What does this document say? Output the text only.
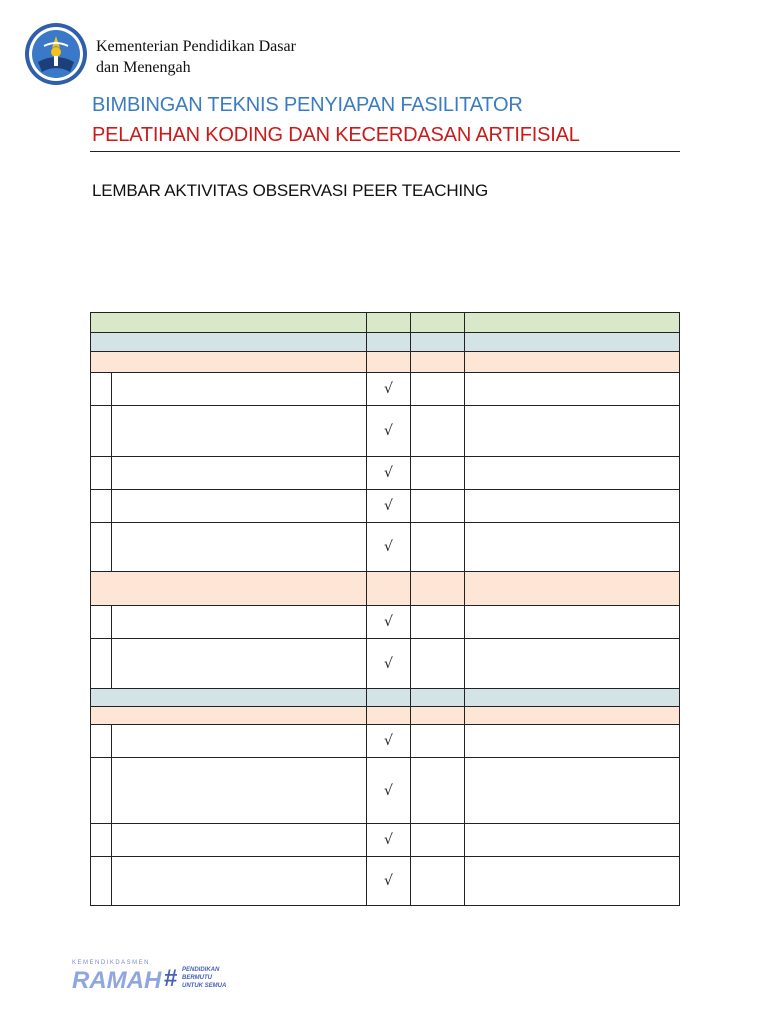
Kementerian Pendidikan Dasar
dan Menengah
BIMBINGAN TEKNIS PENYIAPAN FASILITATOR
PELATIHAN KODING DAN KECERDASAN ARTIFISIAL
LEMBAR AKTIVITAS OBSERVASI PEER TEACHING

		√		
		√		
		√		
		√		
		√		

		√		
		√		

		√		
		√		
		√		
		√		
KEMENDIKDASMEN
RAMAH # PENDIDIKAN
BERMUTU
UNTUK SEMUA
